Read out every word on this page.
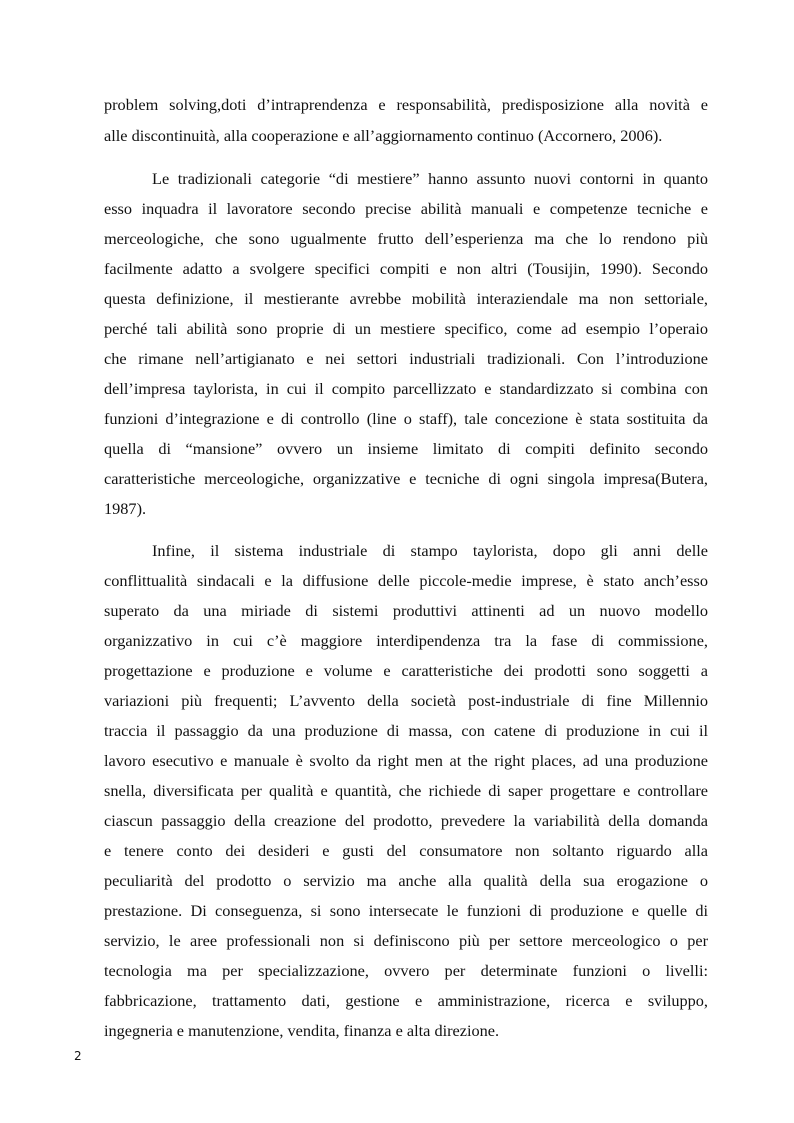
problem solving,doti d’intraprendenza e responsabilità, predisposizione alla novità e
alle discontinuità, alla cooperazione e all’aggiornamento continuo (Accornero, 2006).
Le tradizionali categorie “di mestiere” hanno assunto nuovi contorni in quanto
esso inquadra il lavoratore secondo precise abilità manuali e competenze tecniche e
merceologiche, che sono ugualmente frutto dell’esperienza ma che lo rendono più
facilmente adatto a svolgere specifici compiti e non altri (Tousijin, 1990). Secondo
questa definizione, il mestierante avrebbe mobilità interaziendale ma non settoriale,
perché tali abilità sono proprie di un mestiere specifico, come ad esempio l’operaio
che rimane nell’artigianato e nei settori industriali tradizionali. Con l’introduzione
dell’impresa taylorista, in cui il compito parcellizzato e standardizzato si combina con
funzioni d’integrazione e di controllo (line o staff), tale concezione è stata sostituita da
quella di “mansione” ovvero un insieme limitato di compiti definito secondo
caratteristiche merceologiche, organizzative e tecniche di ogni singola impresa(Butera,
1987).
Infine, il sistema industriale di stampo taylorista, dopo gli anni delle
conflittualità sindacali e la diffusione delle piccole-medie imprese, è stato anch’esso
superato da una miriade di sistemi produttivi attinenti ad un nuovo modello
organizzativo in cui c’è maggiore interdipendenza tra la fase di commissione,
progettazione e produzione e volume e caratteristiche dei prodotti sono soggetti a
variazioni più frequenti; L’avvento della società post-industriale di fine Millennio
traccia il passaggio da una produzione di massa, con catene di produzione in cui il
lavoro esecutivo e manuale è svolto da right men at the right places, ad una produzione
snella, diversificata per qualità e quantità, che richiede di saper progettare e controllare
ciascun passaggio della creazione del prodotto, prevedere la variabilità della domanda
e tenere conto dei desideri e gusti del consumatore non soltanto riguardo alla
peculiarità del prodotto o servizio ma anche alla qualità della sua erogazione o
prestazione. Di conseguenza, si sono intersecate le funzioni di produzione e quelle di
servizio, le aree professionali non si definiscono più per settore merceologico o per
tecnologia ma per specializzazione, ovvero per determinate funzioni o livelli:
fabbricazione, trattamento dati, gestione e amministrazione, ricerca e sviluppo,
ingegneria e manutenzione, vendita, finanza e alta direzione.
2
